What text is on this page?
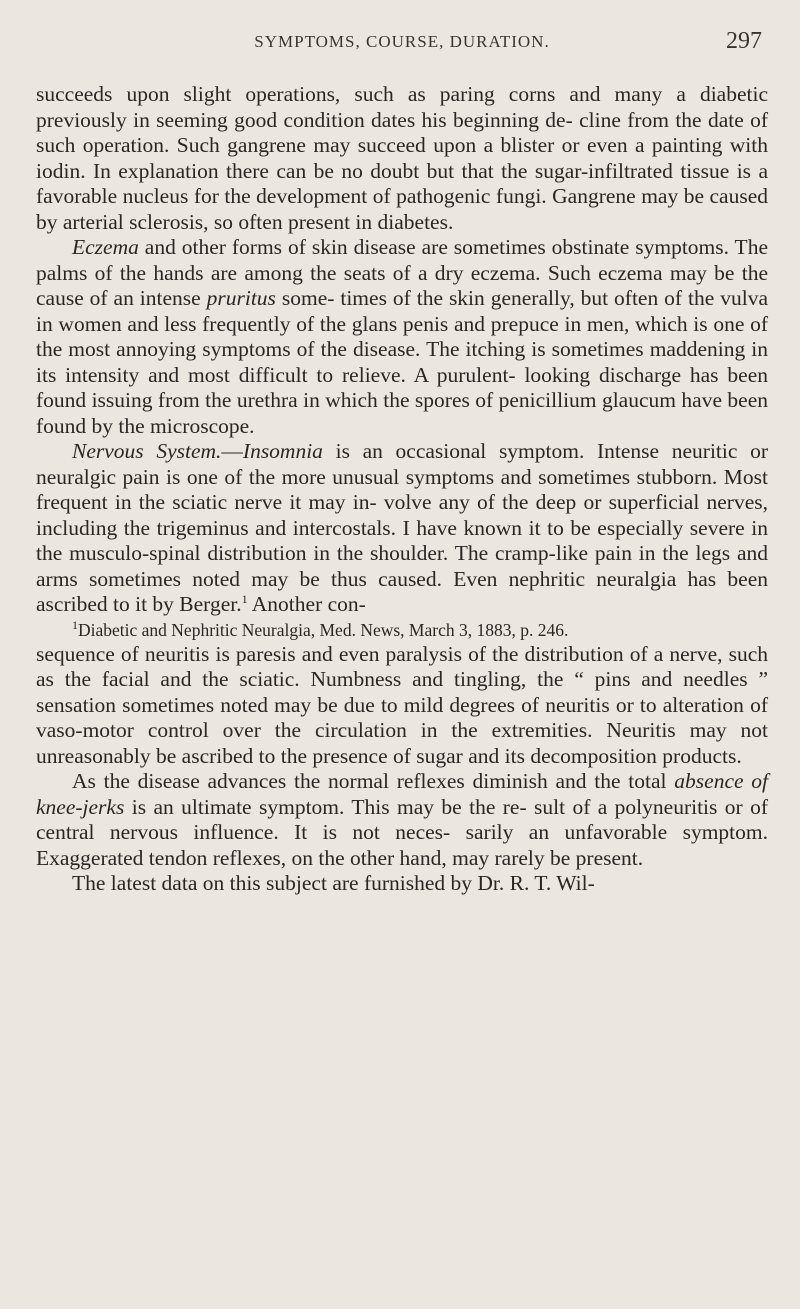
SYMPTOMS, COURSE, DURATION.	297

succeeds upon slight operations, such as paring corns and many a diabetic previously in seeming good condition dates his beginning de- cline from the date of such operation. Such gangrene may succeed upon a blister or even a painting with iodin. In explanation there can be no doubt but that the sugar-infiltrated tissue is a favorable nucleus for the development of pathogenic fungi. Gangrene may be caused by arterial sclerosis, so often present in diabetes.

Eczema and other forms of skin disease are sometimes obstinate symptoms. The palms of the hands are among the seats of a dry eczema. Such eczema may be the cause of an intense pruritus some- times of the skin generally, but often of the vulva in women and less frequently of the glans penis and prepuce in men, which is one of the most annoying symptoms of the disease. The itching is sometimes maddening in its intensity and most difficult to relieve. A purulent- looking discharge has been found issuing from the urethra in which the spores of penicillium glaucum have been found by the microscope.

Nervous System.—Insomnia is an occasional symptom. Intense neuritic or neuralgic pain is one of the more unusual symptoms and sometimes stubborn. Most frequent in the sciatic nerve it may in- volve any of the deep or superficial nerves, including the trigeminus and intercostals. I have known it to be especially severe in the musculo-spinal distribution in the shoulder. The cramp-like pain in the legs and arms sometimes noted may be thus caused. Even nephritic neuralgia has been ascribed to it by Berger.$^1$ Another con-

$^1$Diabetic and Nephritic Neuralgia, Med. News, March 3, 1883, p. 246.

sequence of neuritis is paresis and even paralysis of the distribution of a nerve, such as the facial and the sciatic. Numbness and tingling, the “ pins and needles ” sensation sometimes noted may be due to mild degrees of neuritis or to alteration of vaso-motor control over the circulation in the extremities. Neuritis may not unreasonably be ascribed to the presence of sugar and its decomposition products.

As the disease advances the normal reflexes diminish and the total absence of knee-jerks is an ultimate symptom. This may be the re- sult of a polyneuritis or of central nervous influence. It is not neces- sarily an unfavorable symptom. Exaggerated tendon reflexes, on the other hand, may rarely be present.

The latest data on this subject are furnished by Dr. R. T. Wil-
